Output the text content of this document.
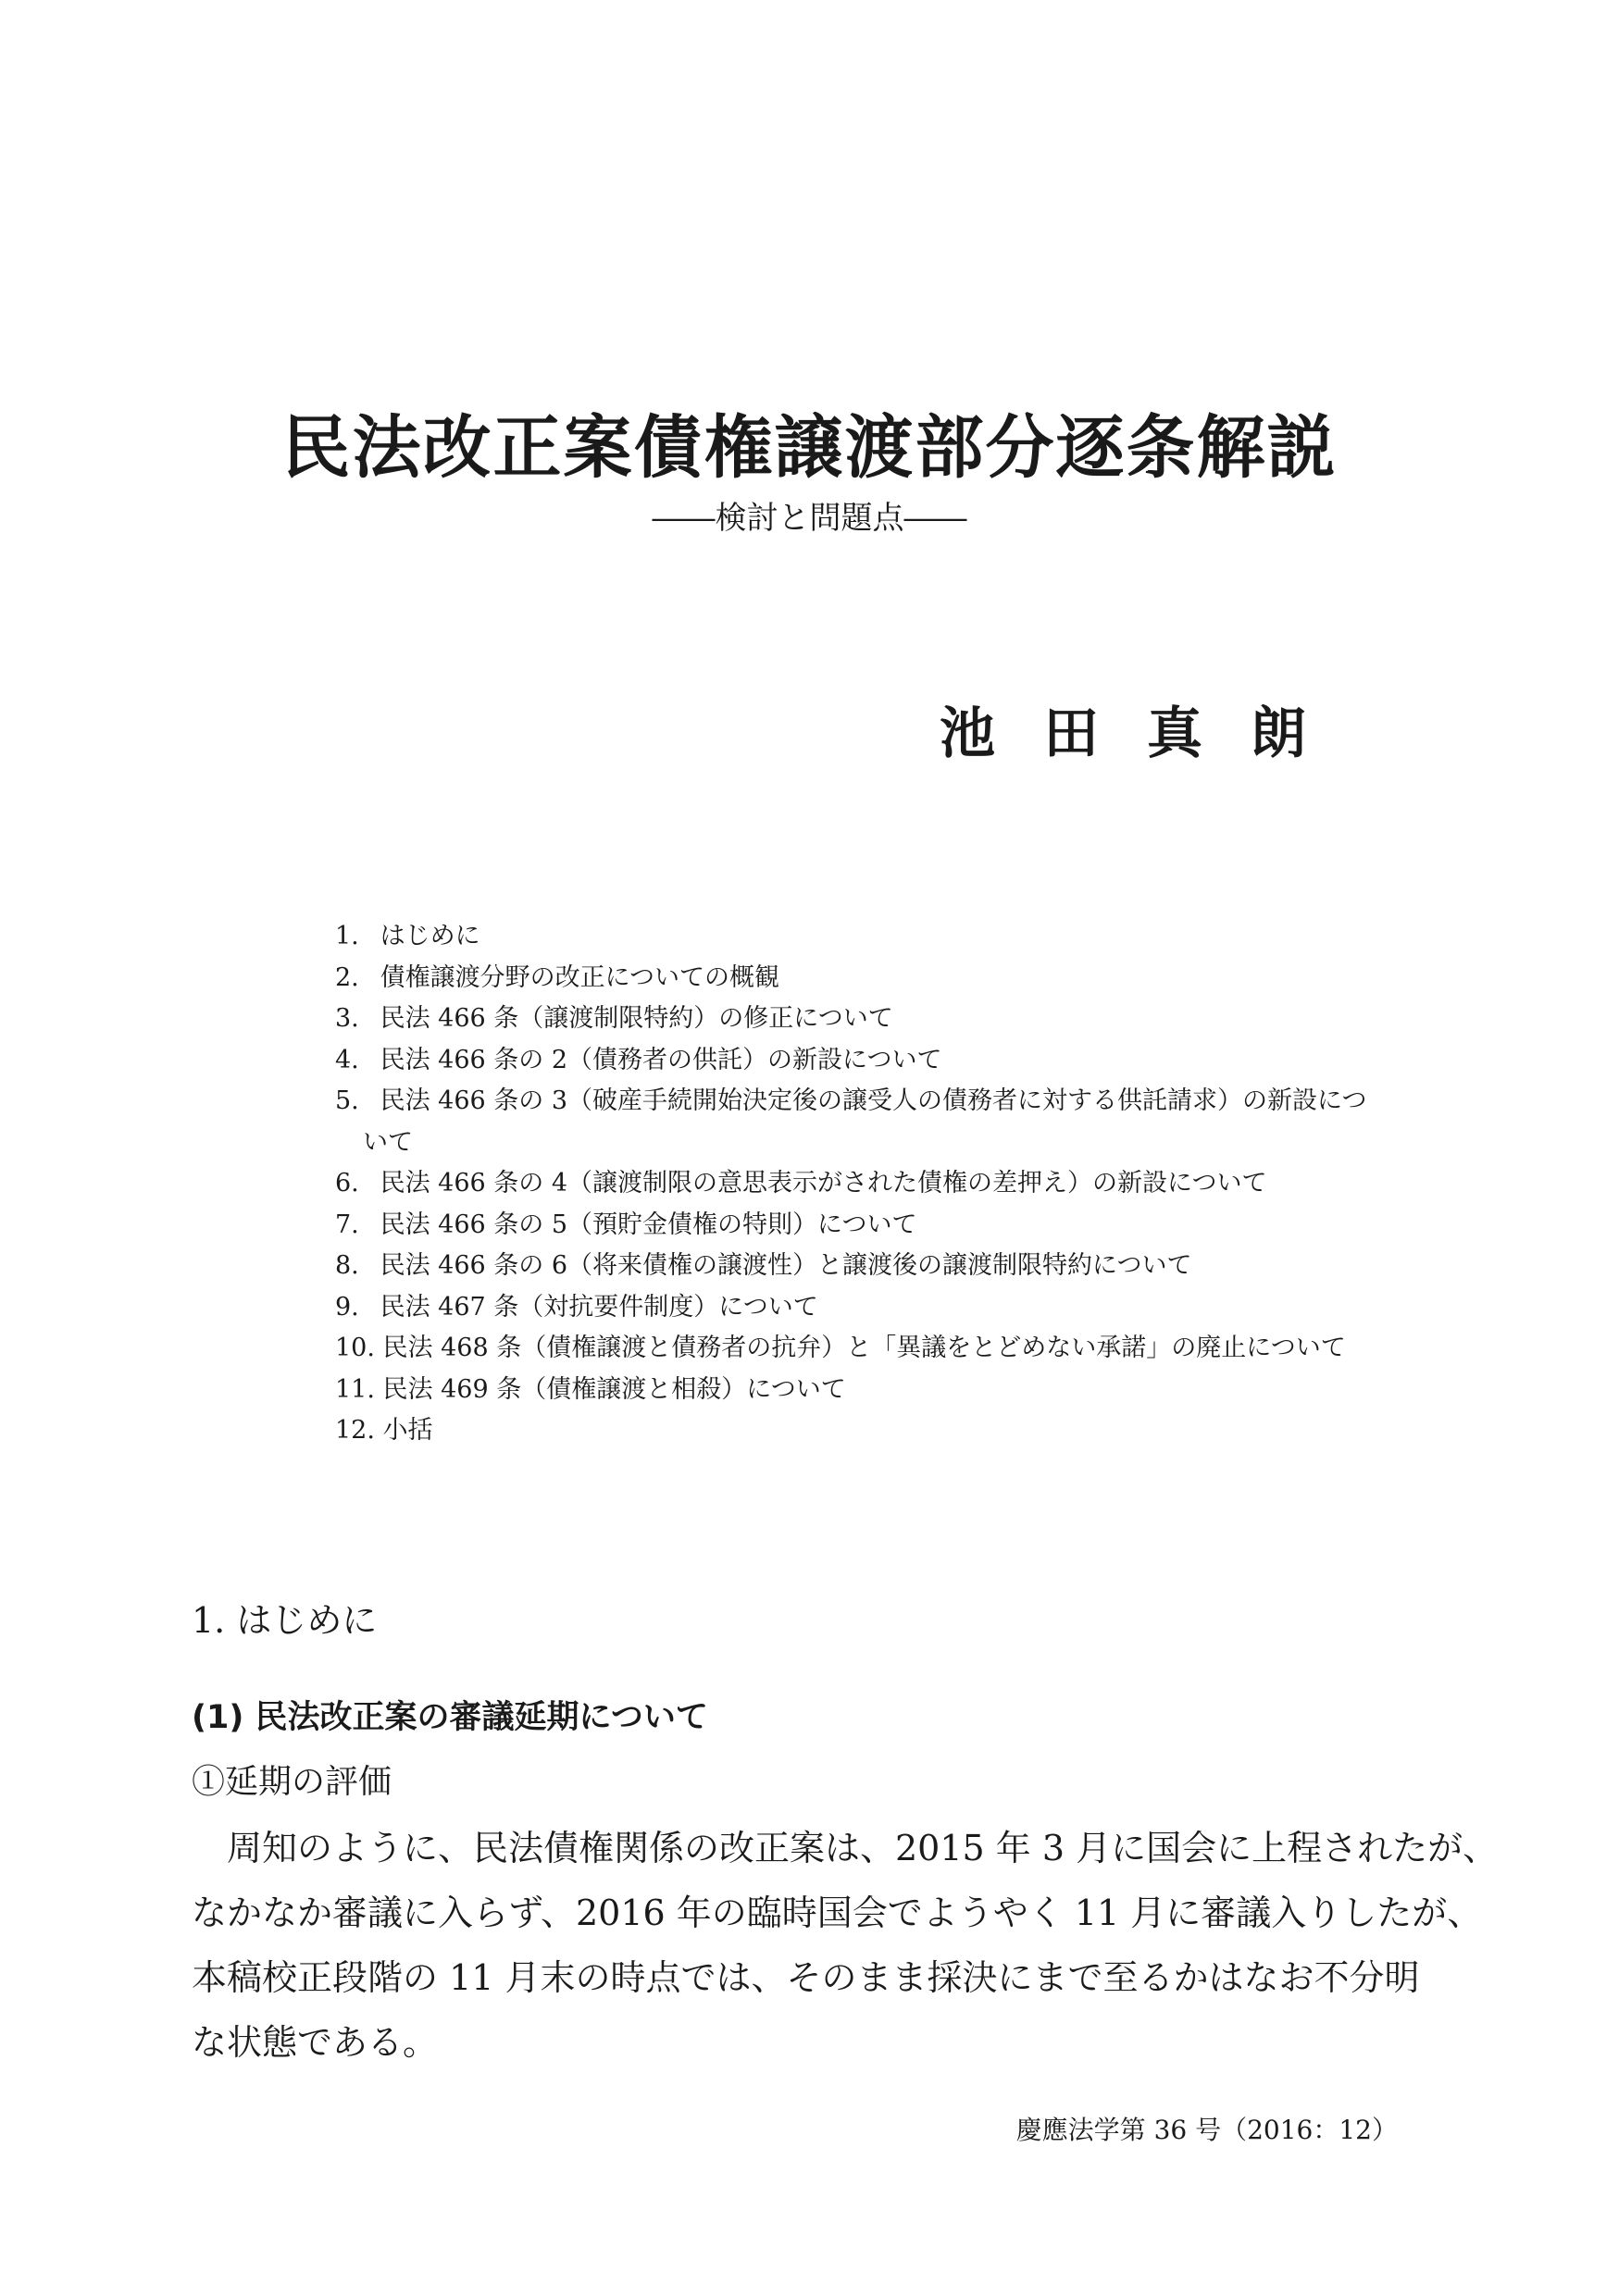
民法改正案債権譲渡部分逐条解説
――検討と問題点――
池田真朗
1. はじめに
2. 債権譲渡分野の改正についての概観
3. 民法 466 条（譲渡制限特約）の修正について
4. 民法 466 条の 2（債務者の供託）の新設について
5. 民法 466 条の 3（破産手続開始決定後の譲受人の債務者に対する供託請求）の新設につ
いて
6. 民法 466 条の 4（譲渡制限の意思表示がされた債権の差押え）の新設について
7. 民法 466 条の 5（預貯金債権の特則）について
8. 民法 466 条の 6（将来債権の譲渡性）と譲渡後の譲渡制限特約について
9. 民法 467 条（対抗要件制度）について
10. 民法 468 条（債権譲渡と債務者の抗弁）と「異議をとどめない承諾」の廃止について
11. 民法 469 条（債権譲渡と相殺）について
12. 小括
1. はじめに
(1) 民法改正案の審議延期について
①延期の評価
　周知のように、民法債権関係の改正案は、2015 年 3 月に国会に上程されたが、
なかなか審議に入らず、2016 年の臨時国会でようやく 11 月に審議入りしたが、
本稿校正段階の 11 月末の時点では、そのまま採決にまで至るかはなお不分明
な状態である。
慶應法学第 36 号（2016：12）
